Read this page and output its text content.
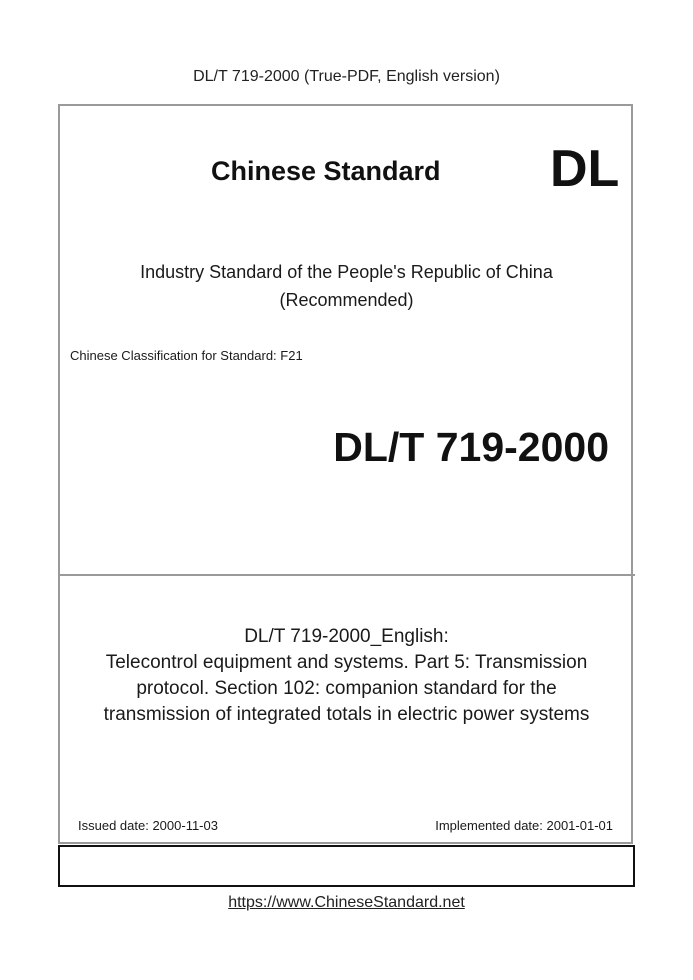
DL/T 719-2000 (True-PDF, English version)
Chinese Standard DL
Industry Standard of the People's Republic of China
(Recommended)
Chinese Classification for Standard: F21
DL/T 719-2000
DL/T 719-2000_English:
Telecontrol equipment and systems. Part 5: Transmission
protocol. Section 102: companion standard for the
transmission of integrated totals in electric power systems
Issued date: 2000-11-03	Implemented date: 2001-01-01
https://www.ChineseStandard.net
